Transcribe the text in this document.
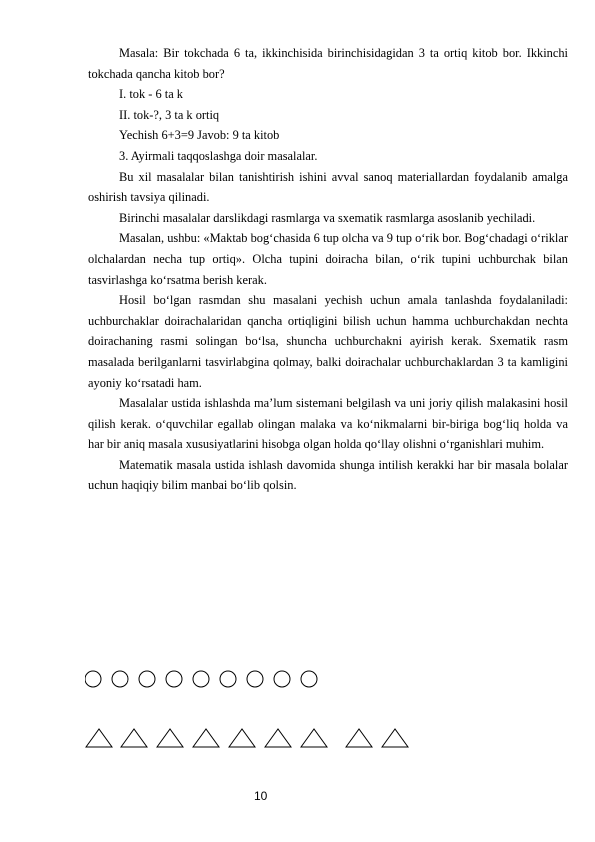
Masala: Bir tokchada 6 ta, ikkinchisida birinchisidagidan 3 ta ortiq kitob bor. Ikkinchi tokchada qancha kitob bor?

I. tok - 6 ta k

II. tok-?, 3 ta k ortiq

Yechish 6+3=9 Javob: 9 ta kitob

3. Ayirmali taqqoslashga doir masalalar.

Bu xil masalalar bilan tanishtirish ishini avval sanoq materiallardan foydalanib amalga oshirish tavsiya qilinadi.

Birinchi masalalar darslikdagi rasmlarga va sxematik rasmlarga asoslanib yechiladi.

Masalan, ushbu: «Maktab bog‘chasida 6 tup olcha va 9 tup o‘rik bor. Bog‘chadagi o‘riklar olchalardan necha tup ortiq». Olcha tupini doiracha bilan, o‘rik tupini uchburchak bilan tasvirlashga ko‘rsatma berish kerak.

Hosil bo‘lgan rasmdan shu masalani yechish uchun amala tanlashda foydalaniladi: uchburchaklar doirachalaridan qancha ortiqligini bilish uchun hamma uchburchakdan nechta doirachaning rasmi solingan bo‘lsa, shuncha uchburchakni ayirish kerak. Sxematik rasm masalada berilganlarni tasvirlabgina qolmay, balki doirachalar uchburchaklardan 3 ta kamligini ayoniy ko‘rsatadi ham.

Masalalar ustida ishlashda ma’lum sistemani belgilash va uni joriy qilish malakasini hosil qilish kerak. o‘quvchilar egallab olingan malaka va ko‘nikmalarni bir-biriga bog‘liq holda va har bir aniq masala xususiyatlarini hisobga olgan holda qo‘llay olishni o‘rganishlari muhim.

Matematik masala ustida ishlash davomida shunga intilish kerakki har bir masala bolalar uchun haqiqiy bilim manbai bo‘lib qolsin.

10
